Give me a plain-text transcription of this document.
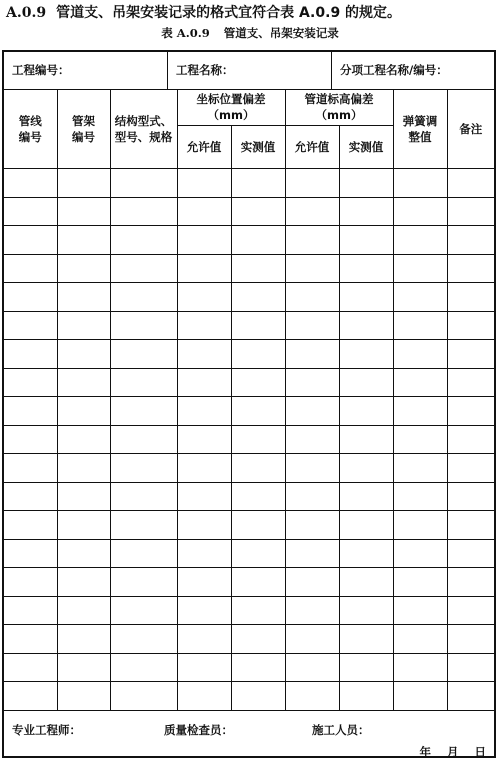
A.0.9 管道支、吊架安装记录的格式宜符合表 A.0.9 的规定。
表 A.0.9 管道支、吊架安装记录
工程编号：	工程名称：	分项工程名称/编号：
管线编号	管架编号	结构型式、型号、规格	坐标位置偏差（mm）		管道标高偏差（mm）		弹簧调整值	备注
			允许值	实测值	允许值	实测值		

专业工程师：	质量检查员：	施工人员：
年 月 日
